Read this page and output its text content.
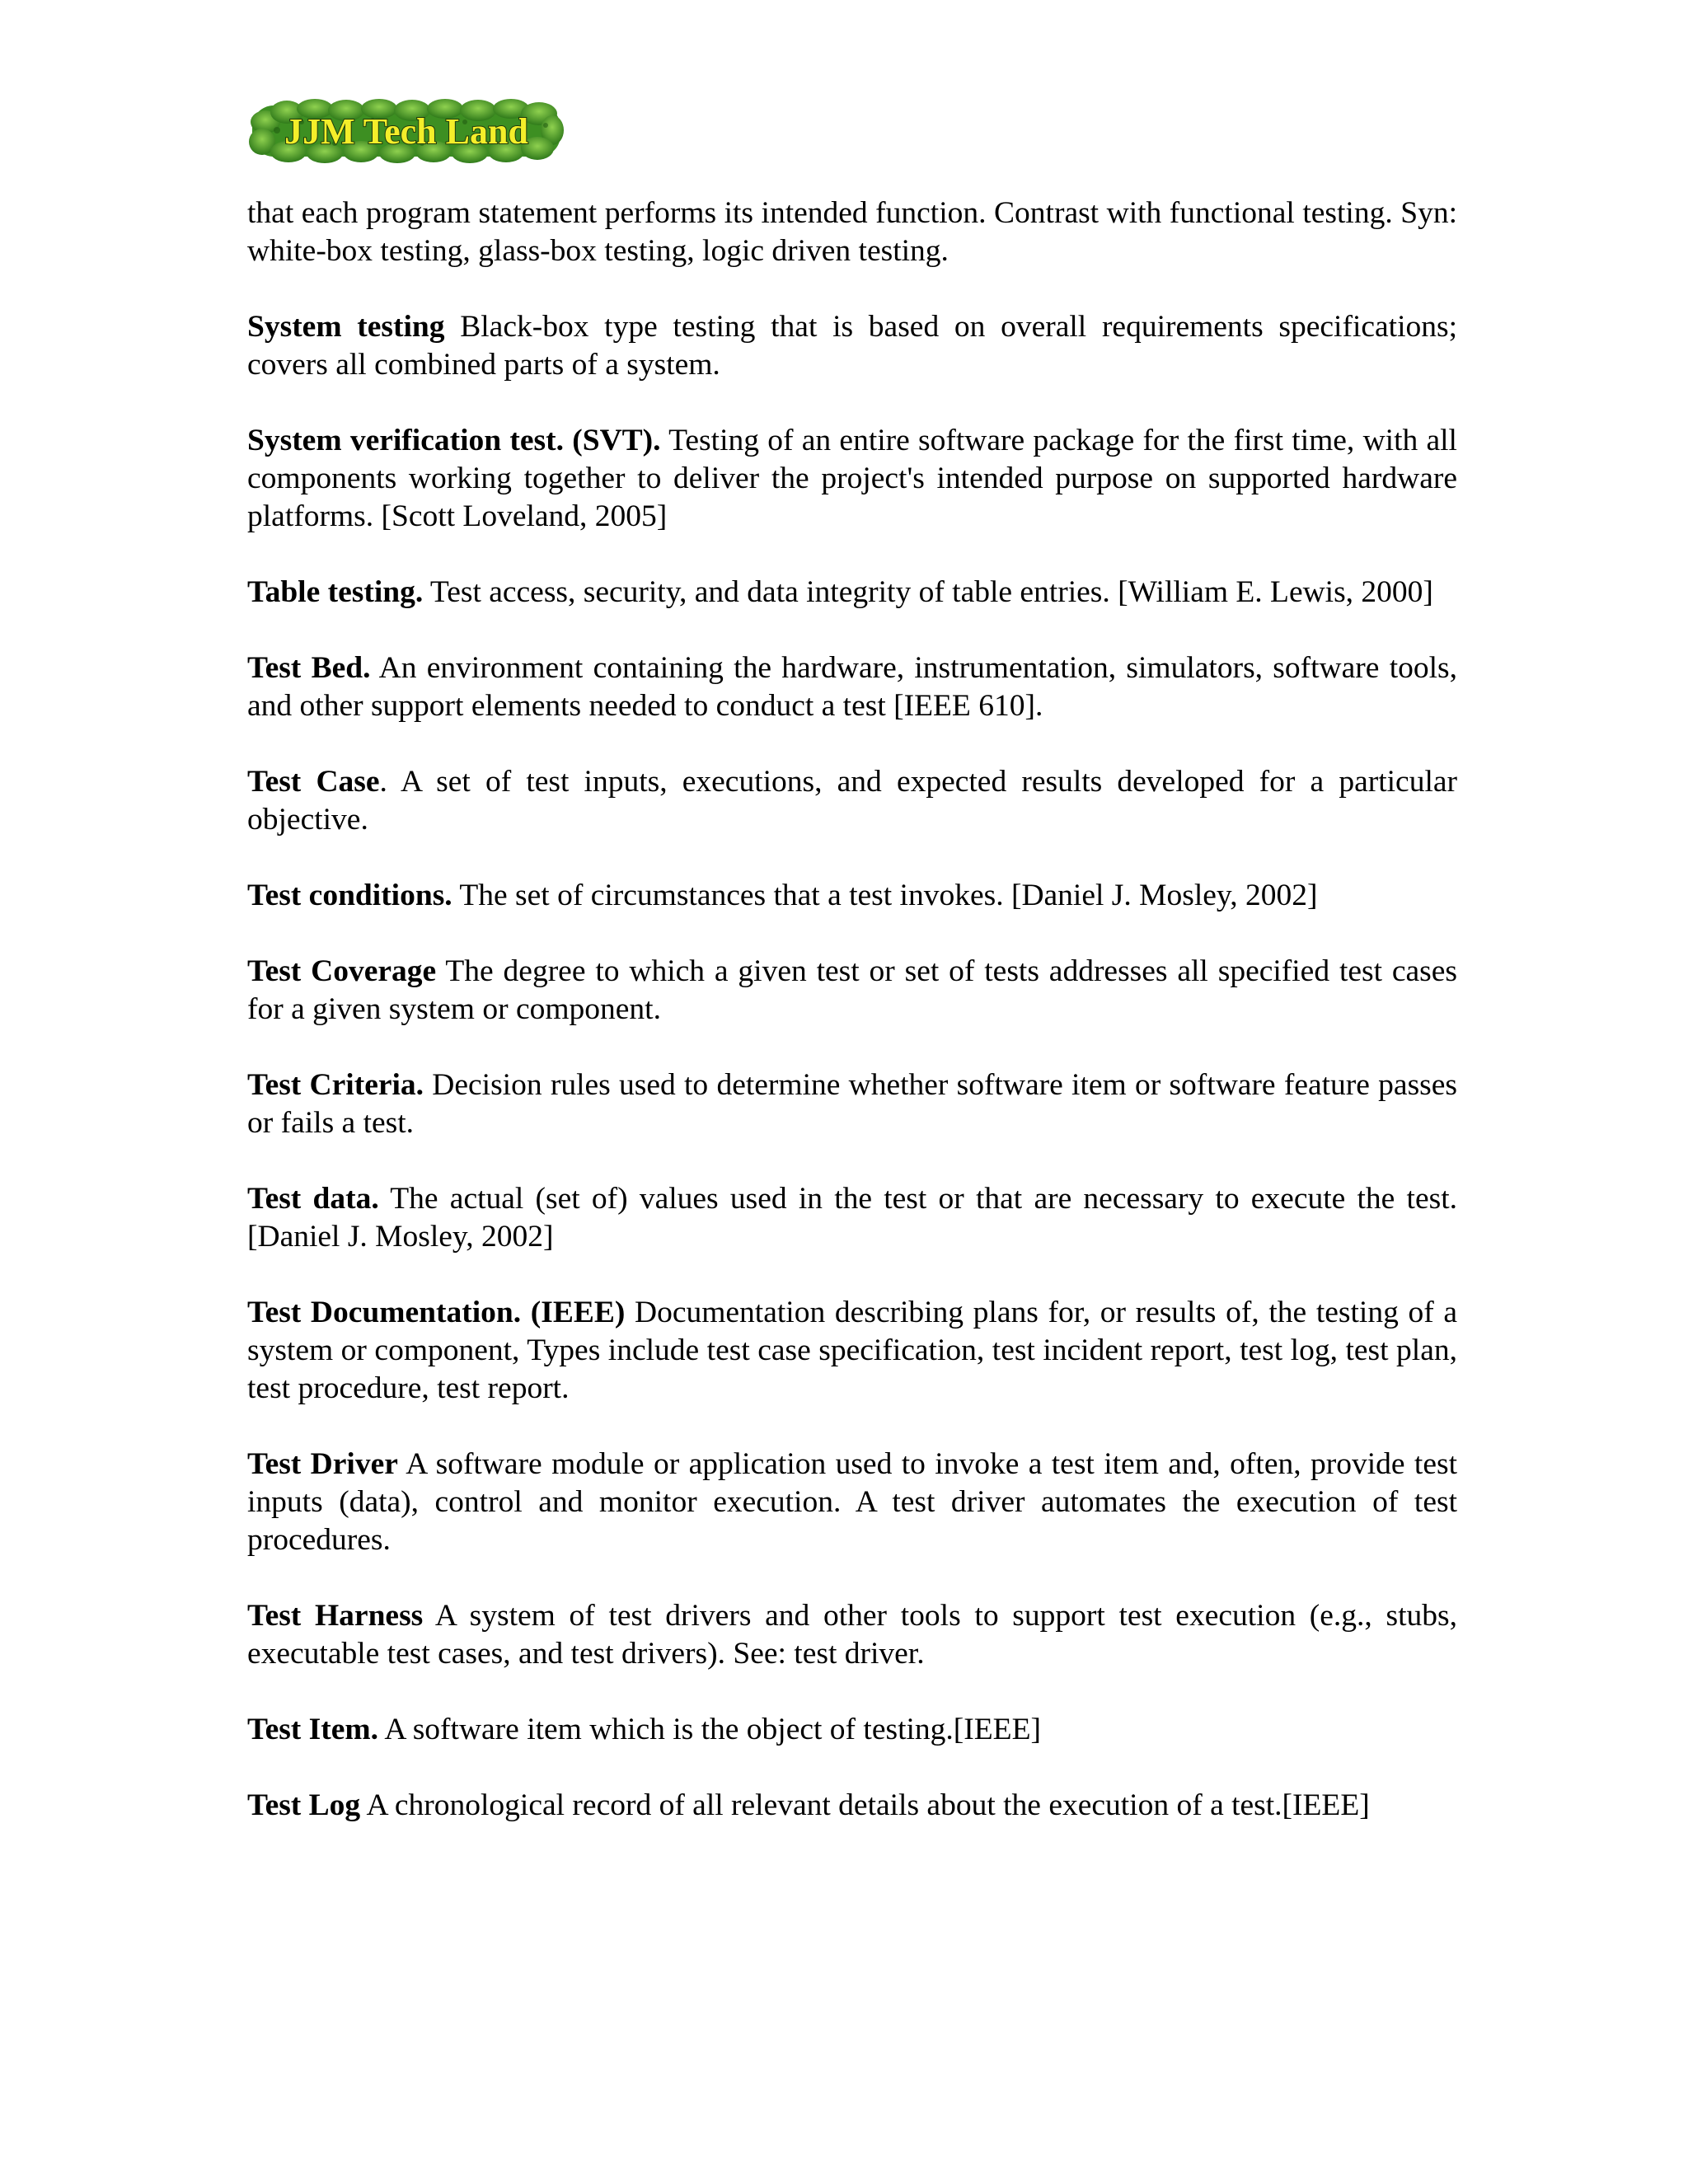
JJM Tech Land

that each program statement performs its intended function. Contrast with functional testing. Syn: white-box testing, glass-box testing, logic driven testing.

System testing Black-box type testing that is based on overall requirements specifications; covers all combined parts of a system.

System verification test. (SVT). Testing of an entire software package for the first time, with all components working together to deliver the project's intended purpose on supported hardware platforms. [Scott Loveland, 2005]

Table testing. Test access, security, and data integrity of table entries. [William E. Lewis, 2000]

Test Bed. An environment containing the hardware, instrumentation, simulators, software tools, and other support elements needed to conduct a test [IEEE 610].

Test Case. A set of test inputs, executions, and expected results developed for a particular objective.

Test conditions. The set of circumstances that a test invokes. [Daniel J. Mosley, 2002]

Test Coverage The degree to which a given test or set of tests addresses all specified test cases for a given system or component.

Test Criteria. Decision rules used to determine whether software item or software feature passes or fails a test.

Test data. The actual (set of) values used in the test or that are necessary to execute the test. [Daniel J. Mosley, 2002]

Test Documentation. (IEEE) Documentation describing plans for, or results of, the testing of a system or component, Types include test case specification, test incident report, test log, test plan, test procedure, test report.

Test Driver A software module or application used to invoke a test item and, often, provide test inputs (data), control and monitor execution. A test driver automates the execution of test procedures.

Test Harness A system of test drivers and other tools to support test execution (e.g., stubs, executable test cases, and test drivers). See: test driver.

Test Item. A software item which is the object of testing.[IEEE]

Test Log A chronological record of all relevant details about the execution of a test.[IEEE]
